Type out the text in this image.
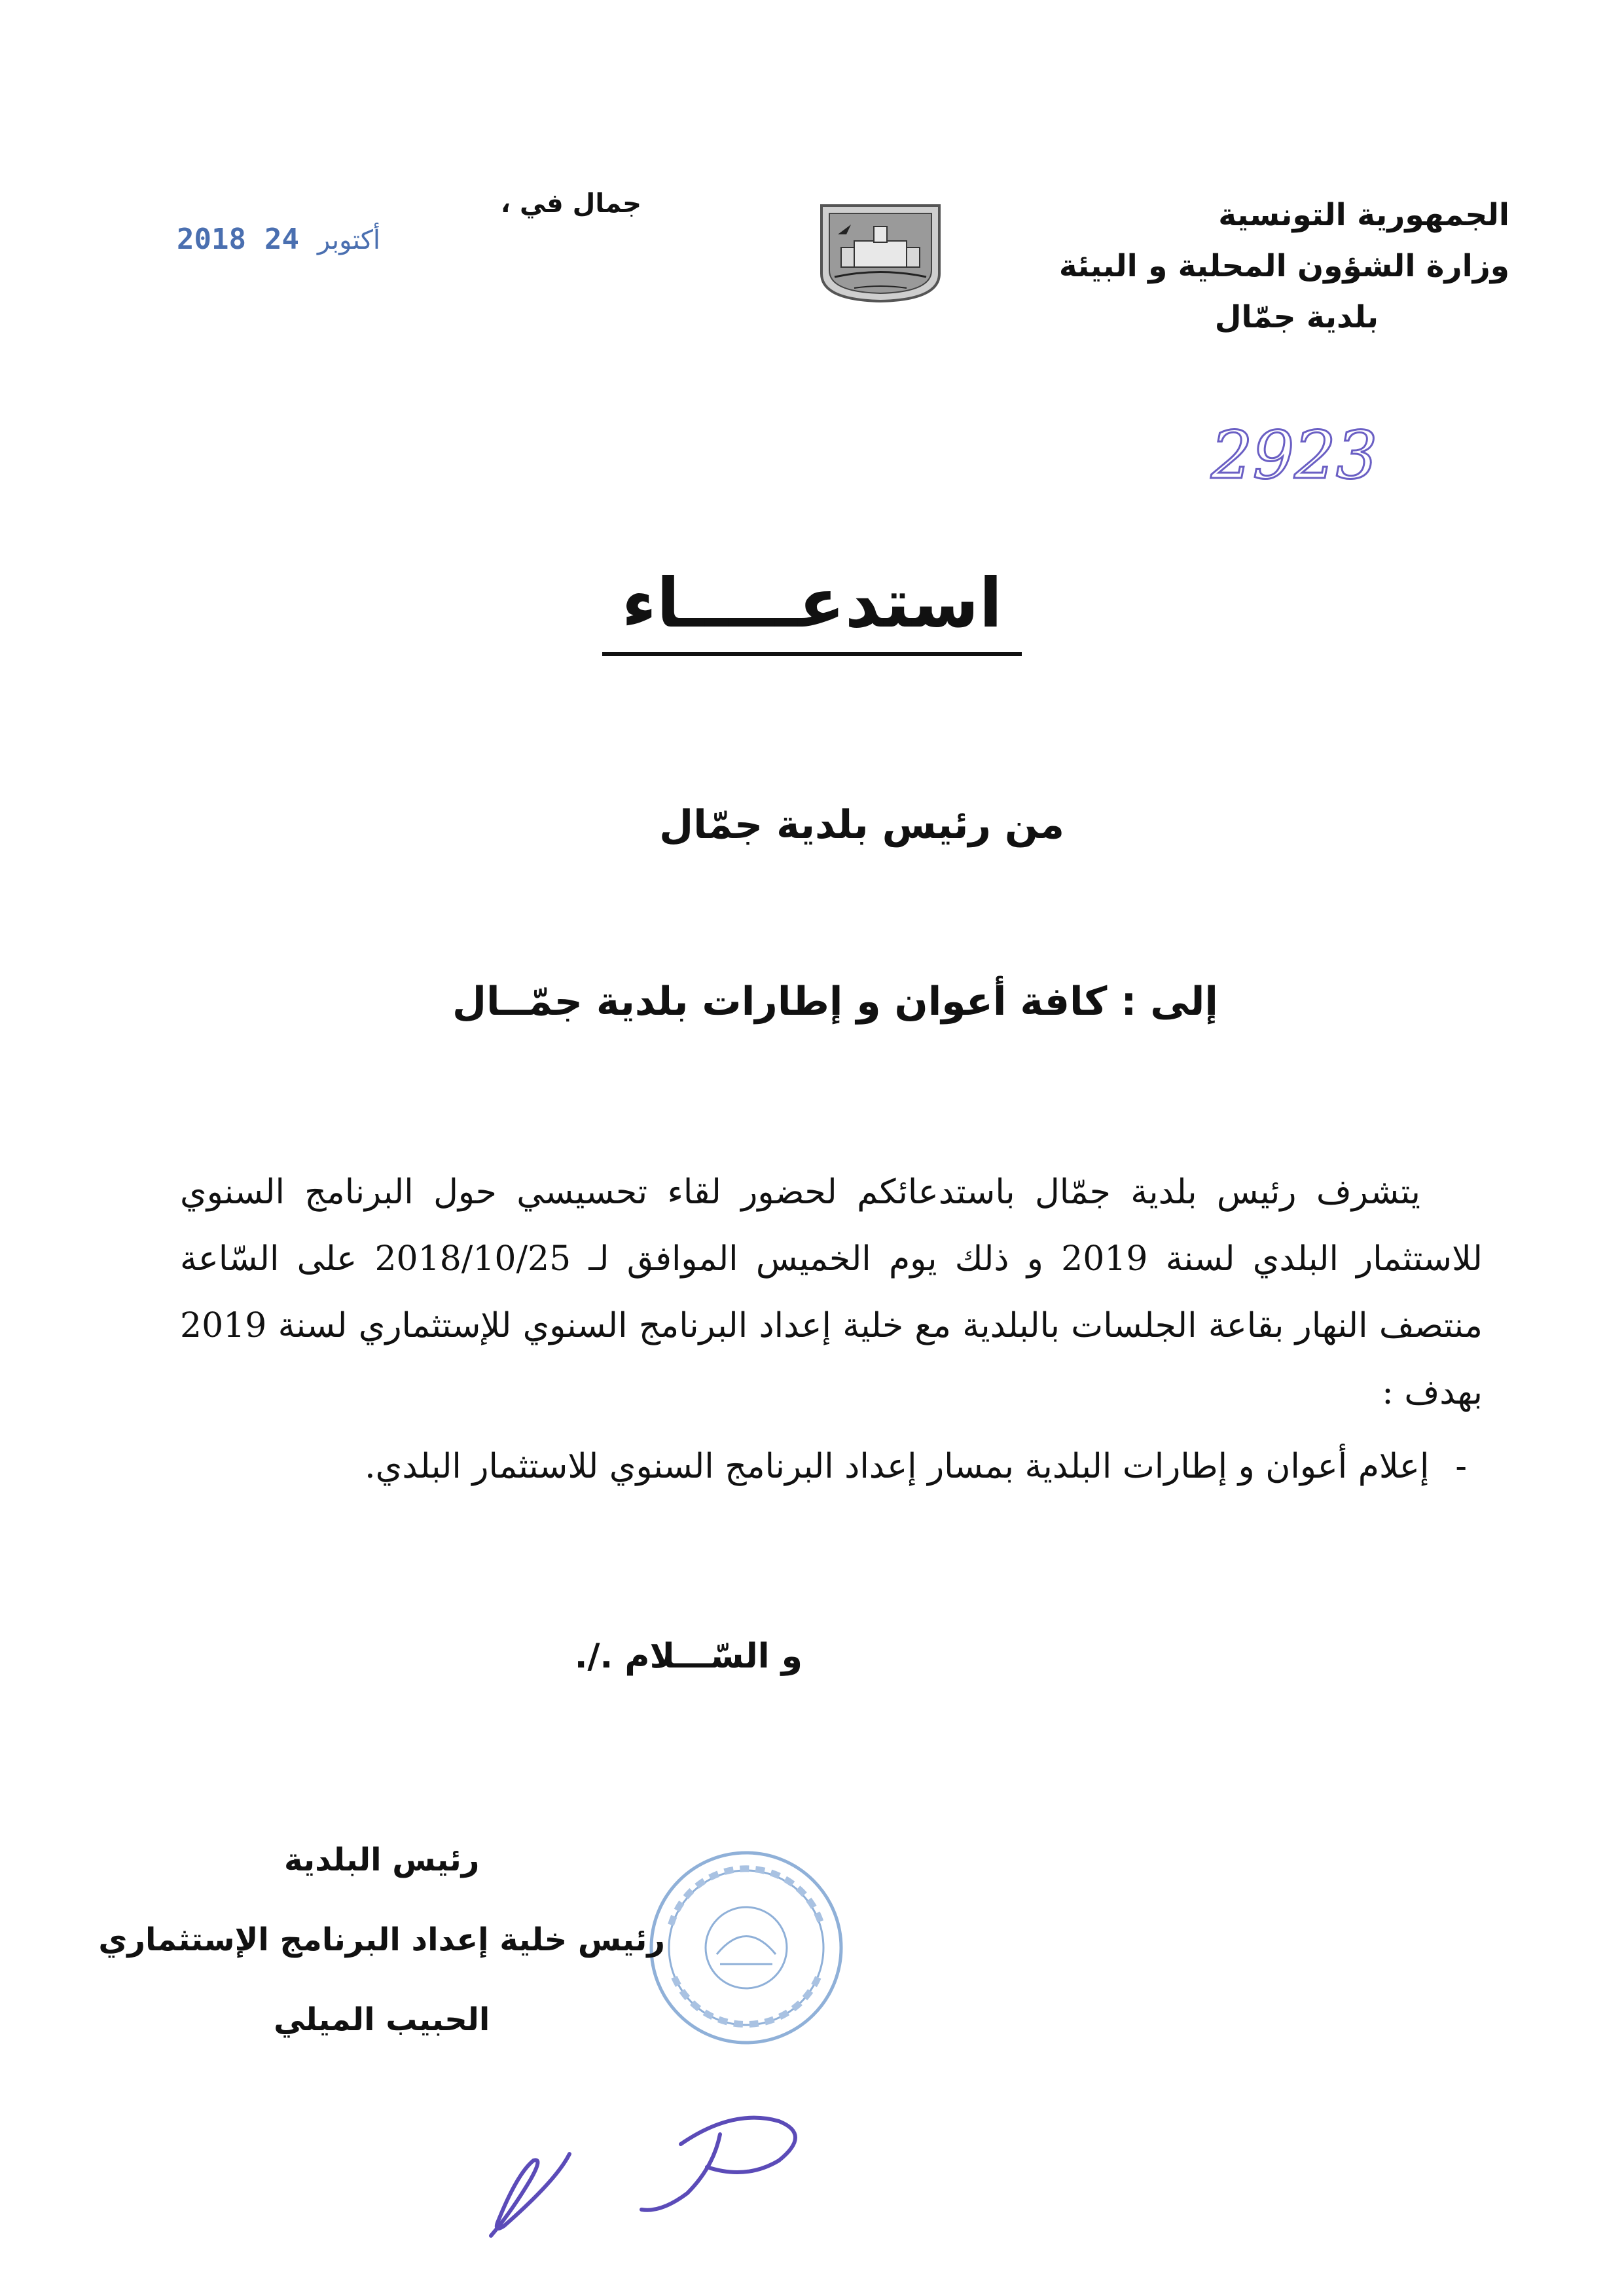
الجمهورية التونسية
وزارة الشؤون المحلية و البيئة
بلدية جمّال
جمال في ،
2018	أكتوبر24
2923
استدعـــــاء
من رئيس بلدية جمّال
إلى : كافة أعوان و إطارات بلدية جمّــال
يتشرف رئيس بلدية جمّال باستدعائكم لحضور لقاء تحسيسي حول البرنامج السنوي للاستثمار البلدي لسنة 2019 و ذلك يوم الخميس الموافق لـ 2018/10/25 على السّاعة منتصف النهار بقاعة الجلسات بالبلدية مع خلية إعداد البرنامج السنوي للإستثماري لسنة 2019 بهدف :
-إعلام أعوان و إطارات البلدية بمسار إعداد البرنامج السنوي للاستثمار البلدي.
و السّـــلام ./.
رئيس البلدية
رئيس خلية إعداد البرنامج الإستثماري
الحبيب الميلي
